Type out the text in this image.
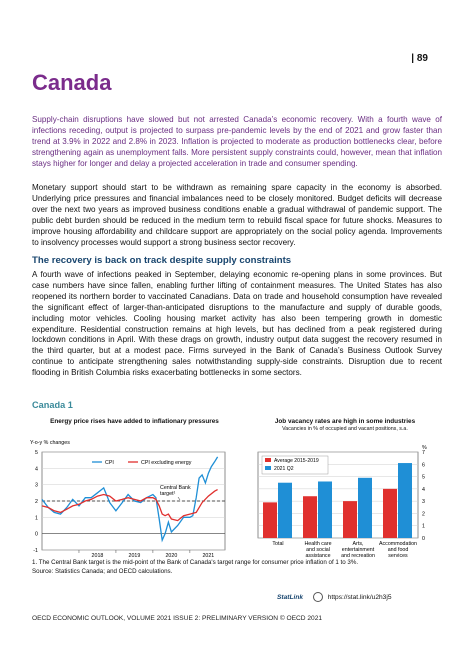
| 89
Canada

Supply-chain disruptions have slowed but not arrested Canada’s economic recovery. With a fourth wave of infections receding, output is projected to surpass pre-pandemic levels by the end of 2021 and grow faster than trend at 3.9% in 2022 and 2.8% in 2023. Inflation is projected to moderate as production bottlenecks clear, before strengthening again as unemployment falls. More persistent supply constraints could, however, mean that inflation stays higher for longer and delay a projected acceleration in trade and consumer spending.

Monetary support should start to be withdrawn as remaining spare capacity in the economy is absorbed. Underlying price pressures and financial imbalances need to be closely monitored. Budget deficits will decrease over the next two years as improved business conditions enable a gradual withdrawal of pandemic support. The public debt burden should be reduced in the medium term to rebuild fiscal space for future shocks. Measures to improve housing affordability and childcare support are appropriately on the social policy agenda. Improvements to insolvency processes would support a strong business sector recovery.

The recovery is back on track despite supply constraints

A fourth wave of infections peaked in September, delaying economic re-opening plans in some provinces. But case numbers have since fallen, enabling further lifting of containment measures. The United States has also reopened its northern border to vaccinated Canadians. Data on trade and household consumption have revealed the significant effect of larger-than-anticipated disruptions to the manufacture and supply of durable goods, including motor vehicles. Cooling housing market activity has also been tempering growth in domestic expenditure. Residential construction remains at high levels, but has declined from a peak registered during lockdown conditions in April. With these drags on growth, industry output data suggest the recovery resumed in the third quarter, but at a modest pace. Firms surveyed in the Bank of Canada’s Business Outlook Survey continue to anticipate strengthening sales notwithstanding supply-side constraints. Disruption due to recent flooding in British Columbia risks exacerbating bottlenecks in some sectors.

Canada 1
Energy price rises have added to inflationary pressures
Y-o-y % changes
-1
0
1
2
3
4
5
2018	2019	2020	2021
Central Bank
target¹
CPI	CPI excluding energy
Job vacancy rates are high in some industries
Vacancies in % of occupied and vacant positions, s.a.
%
0
1
2
3
4
5
6
7
Total	Health care
and social
assistance
Arts,
entertainment
and recreation
Accommodation
and food
services
Average 2015-2019
2021 Q2
1. The Central Bank target is the mid-point of the Bank of Canada's target range for consumer price inflation of 1 to 3%.
Source: Statistics Canada; and OECD calculations.
StatLink	https://stat.link/u2h3j5
OECD ECONOMIC OUTLOOK, VOLUME 2021 ISSUE 2: PRELIMINARY VERSION © OECD 2021
